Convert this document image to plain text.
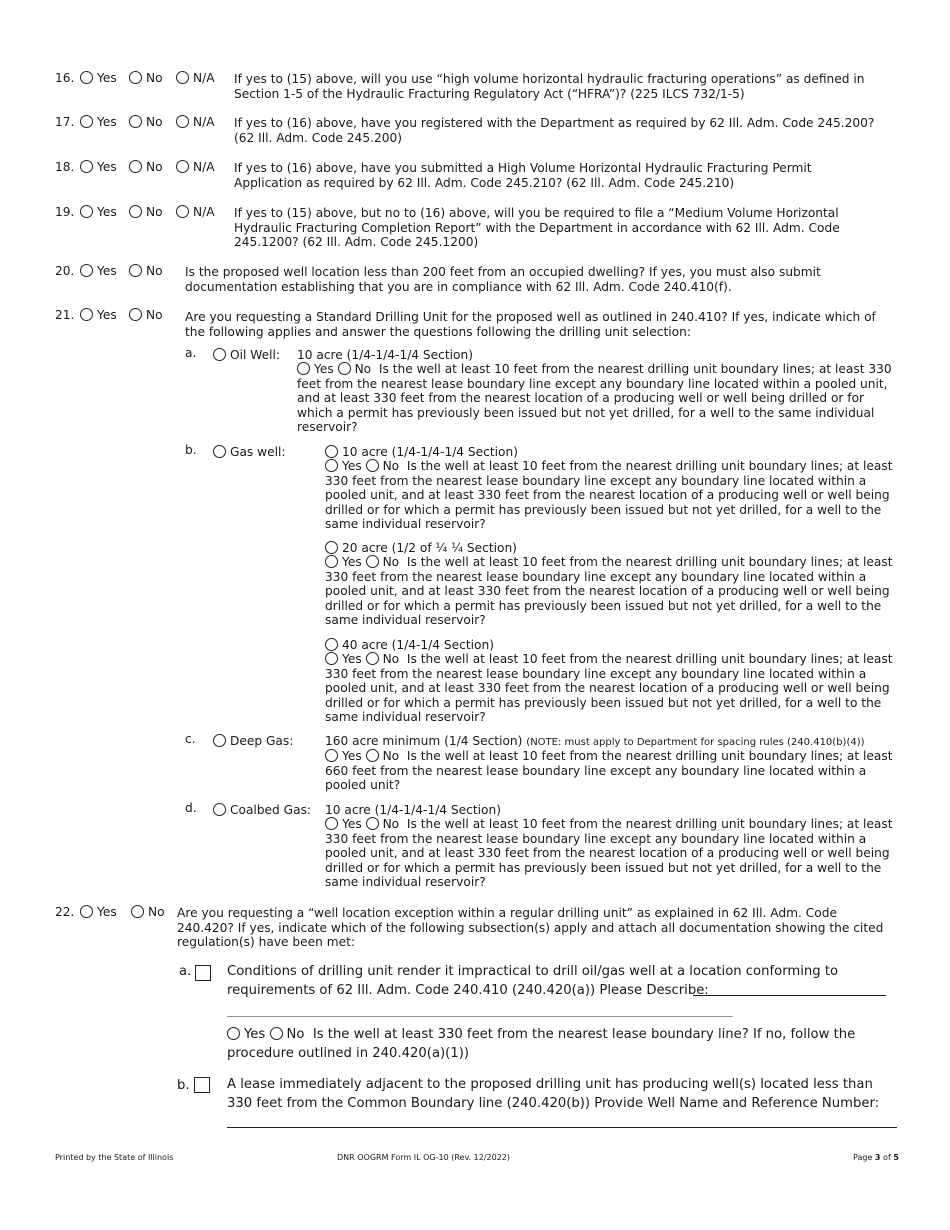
16.	Yes	No	N/A If yes to (15) above, will you use “high volume horizontal hydraulic fracturing operations” as defined in Section 1-5 of the Hydraulic Fracturing Regulatory Act (“HFRA”)? (225 ILCS 732/1-5)
17.	Yes	No	N/A If yes to (16) above, have you registered with the Department as required by 62 Ill. Adm. Code 245.200? (62 Ill. Adm. Code 245.200)
18.	Yes	No	N/A If yes to (16) above, have you submitted a High Volume Horizontal Hydraulic Fracturing Permit Application as required by 62 Ill. Adm. Code 245.210? (62 Ill. Adm. Code 245.210)
19.	Yes	No	N/A If yes to (15) above, but no to (16) above, will you be required to file a “Medium Volume Horizontal Hydraulic Fracturing Completion Report” with the Department in accordance with 62 Ill. Adm. Code 245.1200? (62 Ill. Adm. Code 245.1200)
20.	Yes	No Is the proposed well location less than 200 feet from an occupied dwelling? If yes, you must also submit documentation establishing that you are in compliance with 62 Ill. Adm. Code 240.410(f).
21.	Yes	No Are you requesting a Standard Drilling Unit for the proposed well as outlined in 240.410? If yes, indicate which of the following applies and answer the questions following the drilling unit selection:
a.	Oil Well: 10 acre (1/4-1/4-1/4 Section)
Yes No Is the well at least 10 feet from the nearest drilling unit boundary lines; at least 330 feet from the nearest lease boundary line except any boundary line located within a pooled unit, and at least 330 feet from the nearest location of a producing well or well being drilled or for which a permit has previously been issued but not yet drilled, for a well to the same individual reservoir?
b.	Gas well:	10 acre (1/4-1/4-1/4 Section)
Yes No Is the well at least 10 feet from the nearest drilling unit boundary lines; at least 330 feet from the nearest lease boundary line except any boundary line located within a pooled unit, and at least 330 feet from the nearest location of a producing well or well being drilled or for which a permit has previously been issued but not yet drilled, for a well to the same individual reservoir?
20 acre (1/2 of ¼ ¼ Section)
Yes No Is the well at least 10 feet from the nearest drilling unit boundary lines; at least 330 feet from the nearest lease boundary line except any boundary line located within a pooled unit, and at least 330 feet from the nearest location of a producing well or well being drilled or for which a permit has previously been issued but not yet drilled, for a well to the same individual reservoir?
40 acre (1/4-1/4 Section)
Yes No Is the well at least 10 feet from the nearest drilling unit boundary lines; at least 330 feet from the nearest lease boundary line except any boundary line located within a pooled unit, and at least 330 feet from the nearest location of a producing well or well being drilled or for which a permit has previously been issued but not yet drilled, for a well to the same individual reservoir?
c.	Deep Gas:	160 acre minimum (1/4 Section) (NOTE: must apply to Department for spacing rules (240.410(b)(4))
Yes No Is the well at least 10 feet from the nearest drilling unit boundary lines; at least 660 feet from the nearest lease boundary line except any boundary line located within a pooled unit?
d.	Coalbed Gas: 10 acre (1/4-1/4-1/4 Section)
Yes No Is the well at least 10 feet from the nearest drilling unit boundary lines; at least 330 feet from the nearest lease boundary line except any boundary line located within a pooled unit, and at least 330 feet from the nearest location of a producing well or well being drilled or for which a permit has previously been issued but not yet drilled, for a well to the same individual reservoir?
22.	Yes	No Are you requesting a “well location exception within a regular drilling unit” as explained in 62 Ill. Adm. Code 240.420? If yes, indicate which of the following subsection(s) apply and attach all documentation showing the cited regulation(s) have been met:
a.	Conditions of drilling unit render it impractical to drill oil/gas well at a location conforming to requirements of 62 Ill. Adm. Code 240.410 (240.420(a)) Please Describe:
______________________________________________________________________
Yes No Is the well at least 330 feet from the nearest lease boundary line? If no, follow the procedure outlined in 240.420(a)(1))
b.	A lease immediately adjacent to the proposed drilling unit has producing well(s) located less than 330 feet from the Common Boundary line (240.420(b)) Provide Well Name and Reference Number:
Printed by the State of Illinois	DNR OOGRM Form IL OG-10 (Rev. 12/2022)	Page 3 of 5
